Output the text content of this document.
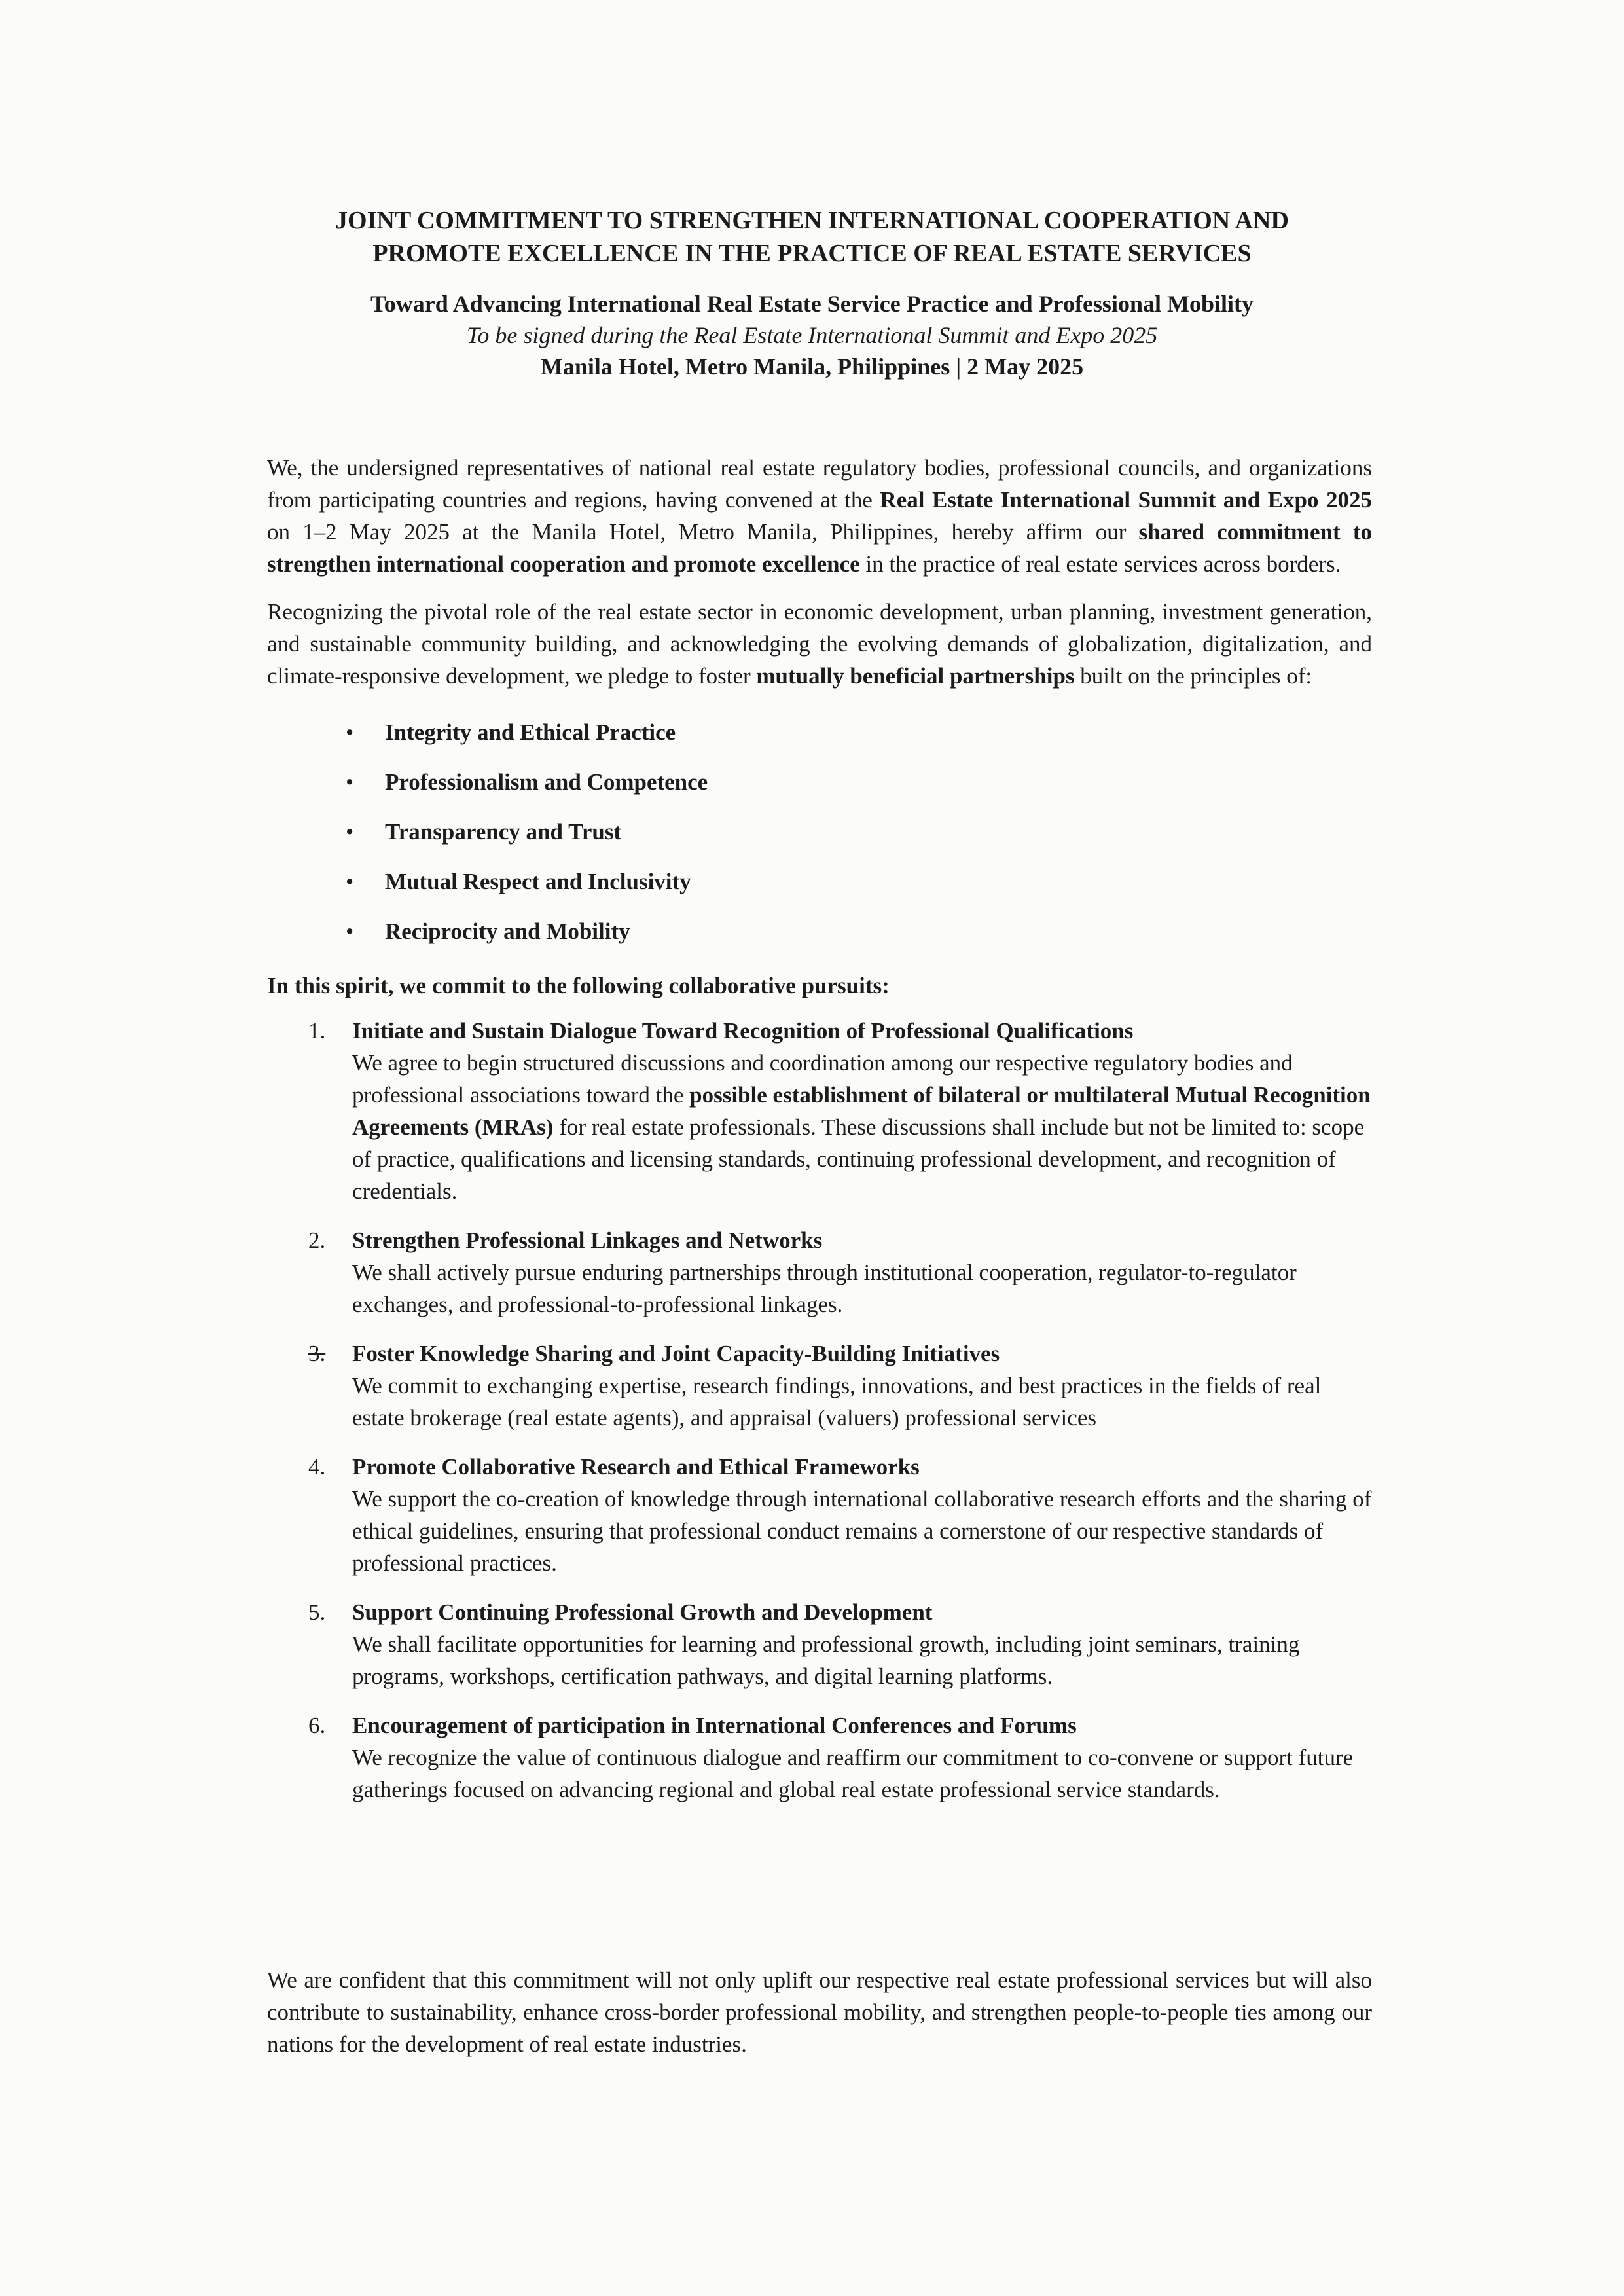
JOINT COMMITMENT TO STRENGTHEN INTERNATIONAL COOPERATION AND
PROMOTE EXCELLENCE IN THE PRACTICE OF REAL ESTATE SERVICES
Toward Advancing International Real Estate Service Practice and Professional Mobility
To be signed during the Real Estate International Summit and Expo 2025
Manila Hotel, Metro Manila, Philippines | 2 May 2025

We, the undersigned representatives of national real estate regulatory bodies, professional councils, and organizations from participating countries and regions, having convened at the Real Estate International Summit and Expo 2025 on 1–2 May 2025 at the Manila Hotel, Metro Manila, Philippines, hereby affirm our shared commitment to strengthen international cooperation and promote excellence in the practice of real estate services across borders.

Recognizing the pivotal role of the real estate sector in economic development, urban planning, investment generation, and sustainable community building, and acknowledging the evolving demands of globalization, digitalization, and climate-responsive development, we pledge to foster mutually beneficial partnerships built on the principles of:

• Integrity and Ethical Practice
• Professionalism and Competence
• Transparency and Trust
• Mutual Respect and Inclusivity
• Reciprocity and Mobility

In this spirit, we commit to the following collaborative pursuits:

1. Initiate and Sustain Dialogue Toward Recognition of Professional Qualifications
We agree to begin structured discussions and coordination among our respective regulatory bodies and professional associations toward the possible establishment of bilateral or multilateral Mutual Recognition Agreements (MRAs) for real estate professionals. These discussions shall include but not be limited to: scope of practice, qualifications and licensing standards, continuing professional development, and recognition of credentials.
2. Strengthen Professional Linkages and Networks
We shall actively pursue enduring partnerships through institutional cooperation, regulator-to-regulator exchanges, and professional-to-professional linkages.
3. Foster Knowledge Sharing and Joint Capacity-Building Initiatives
We commit to exchanging expertise, research findings, innovations, and best practices in the fields of real estate brokerage (real estate agents), and appraisal (valuers) professional services
4. Promote Collaborative Research and Ethical Frameworks
We support the co-creation of knowledge through international collaborative research efforts and the sharing of ethical guidelines, ensuring that professional conduct remains a cornerstone of our respective standards of professional practices.
5. Support Continuing Professional Growth and Development
We shall facilitate opportunities for learning and professional growth, including joint seminars, training programs, workshops, certification pathways, and digital learning platforms.
6. Encouragement of participation in International Conferences and Forums
We recognize the value of continuous dialogue and reaffirm our commitment to co-convene or support future gatherings focused on advancing regional and global real estate professional service standards.

We are confident that this commitment will not only uplift our respective real estate professional services but will also contribute to sustainability, enhance cross-border professional mobility, and strengthen people-to-people ties among our nations for the development of real estate industries.
